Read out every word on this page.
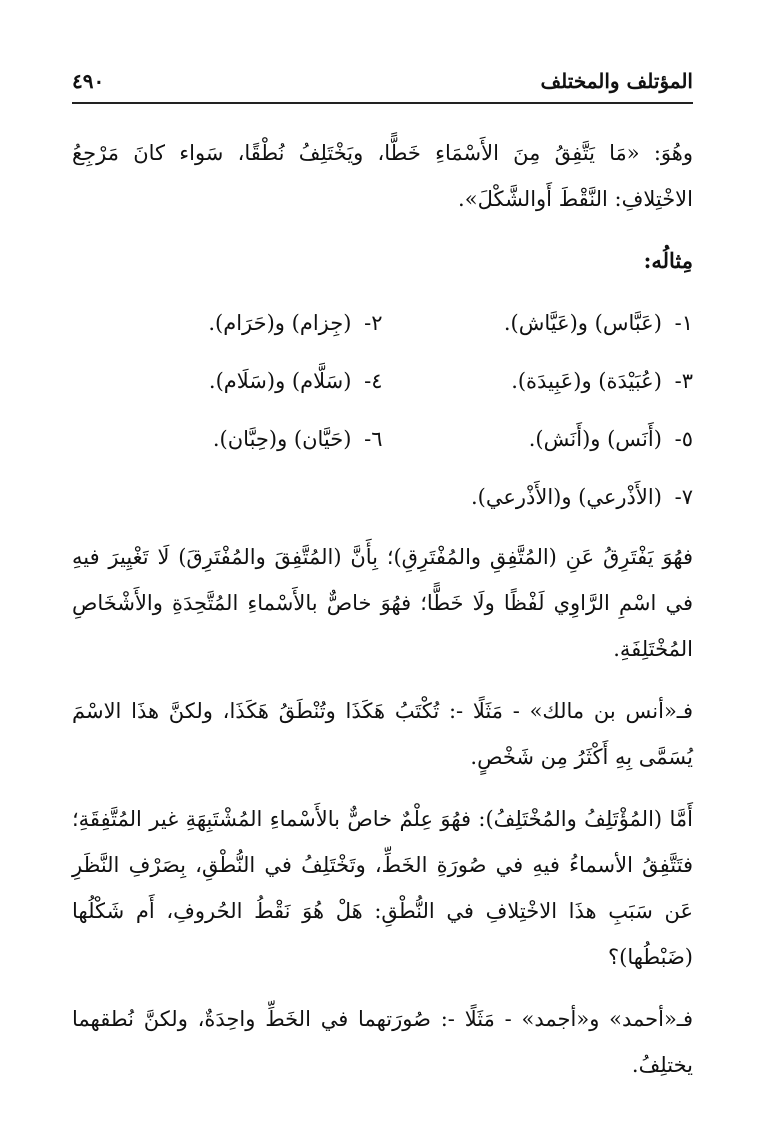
٤٩٠	المؤتلف والمختلف

وهُوَ: «مَا يَتَّفِقُ مِنَ الأَسْمَاءِ خَطًّا، ويَخْتَلِفُ نُطْقًا، سَواء كانَ مَرْجِعُ الاخْتِلافِ: النَّقْطَ أَوالشَّكْلَ».

مِثالُه:
١- (عَبَّاس) و(عَيَّاش).
٢- (جِزام) و(حَرَام).
٣- (عُبَيْدَة) و(عَبِيدَة).
٤- (سَلَّام) و(سَلَام).
٥- (أَنَس) و(أَنَش).
٦- (حَيَّان) و(حِبَّان).
٧- (الأَذْرعي) و(الأَذْرعي).

فهُوَ يَفْتَرِقُ عَنِ (المُتَّفِقِ والمُفْتَرِقِ)؛ بِأَنَّ (المُتَّفِقَ والمُفْتَرِقَ) لَا تَغْيِيرَ فيهِ في اسْمِ الرَّاوِي لَفْظًا ولَا خَطًّا؛ فهُوَ خاصٌّ بالأَسْماءِ المُتَّحِدَةِ والأَشْخَاصِ المُخْتَلِفَةِ.

فـ«أنس بن مالك» - مَثَلًا -: تُكْتَبُ هَكَذَا وتُنْطَقُ هَكَذَا، ولكنَّ هذَا الاسْمَ يُسَمَّى بِهِ أَكْثَرُ مِن شَخْصٍ.

أَمَّا (المُؤْتَلِفُ والمُخْتَلِفُ): فهُوَ عِلْمٌ خاصٌّ بالأَسْماءِ المُشْتَبِهَةِ غير المُتَّفِقَةِ؛ فتَتَّفِقُ الأسماءُ فيهِ في صُورَةِ الخَطِّ، وتَخْتَلِفُ في النُّطْقِ، بِصَرْفِ النَّظَرِ عَن سَبَبِ هذَا الاخْتِلافِ في النُّطْقِ: هَلْ هُوَ نَقْطُ الحُروفِ، أَم شَكْلُها (ضَبْطُها)؟

فـ«أحمد» و«أجمد» - مَثَلًا -: صُورَتهما في الخَطِّ واحِدَةٌ، ولكنَّ نُطقهما يختلِفُ.
